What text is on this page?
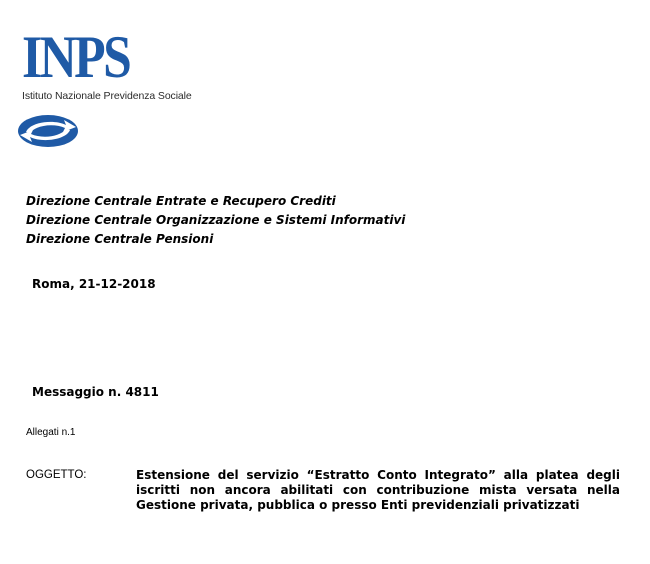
INPS
Istituto Nazionale Previdenza Sociale
Direzione Centrale Entrate e Recupero Crediti
Direzione Centrale Organizzazione e Sistemi Informativi
Direzione Centrale Pensioni
Roma, 21-12-2018
Messaggio n. 4811
Allegati n.1
OGGETTO:	Estensione del servizio “Estratto Conto Integrato” alla platea degli iscritti non ancora abilitati con contribuzione mista versata nella Gestione privata, pubblica o presso Enti previdenziali privatizzati
